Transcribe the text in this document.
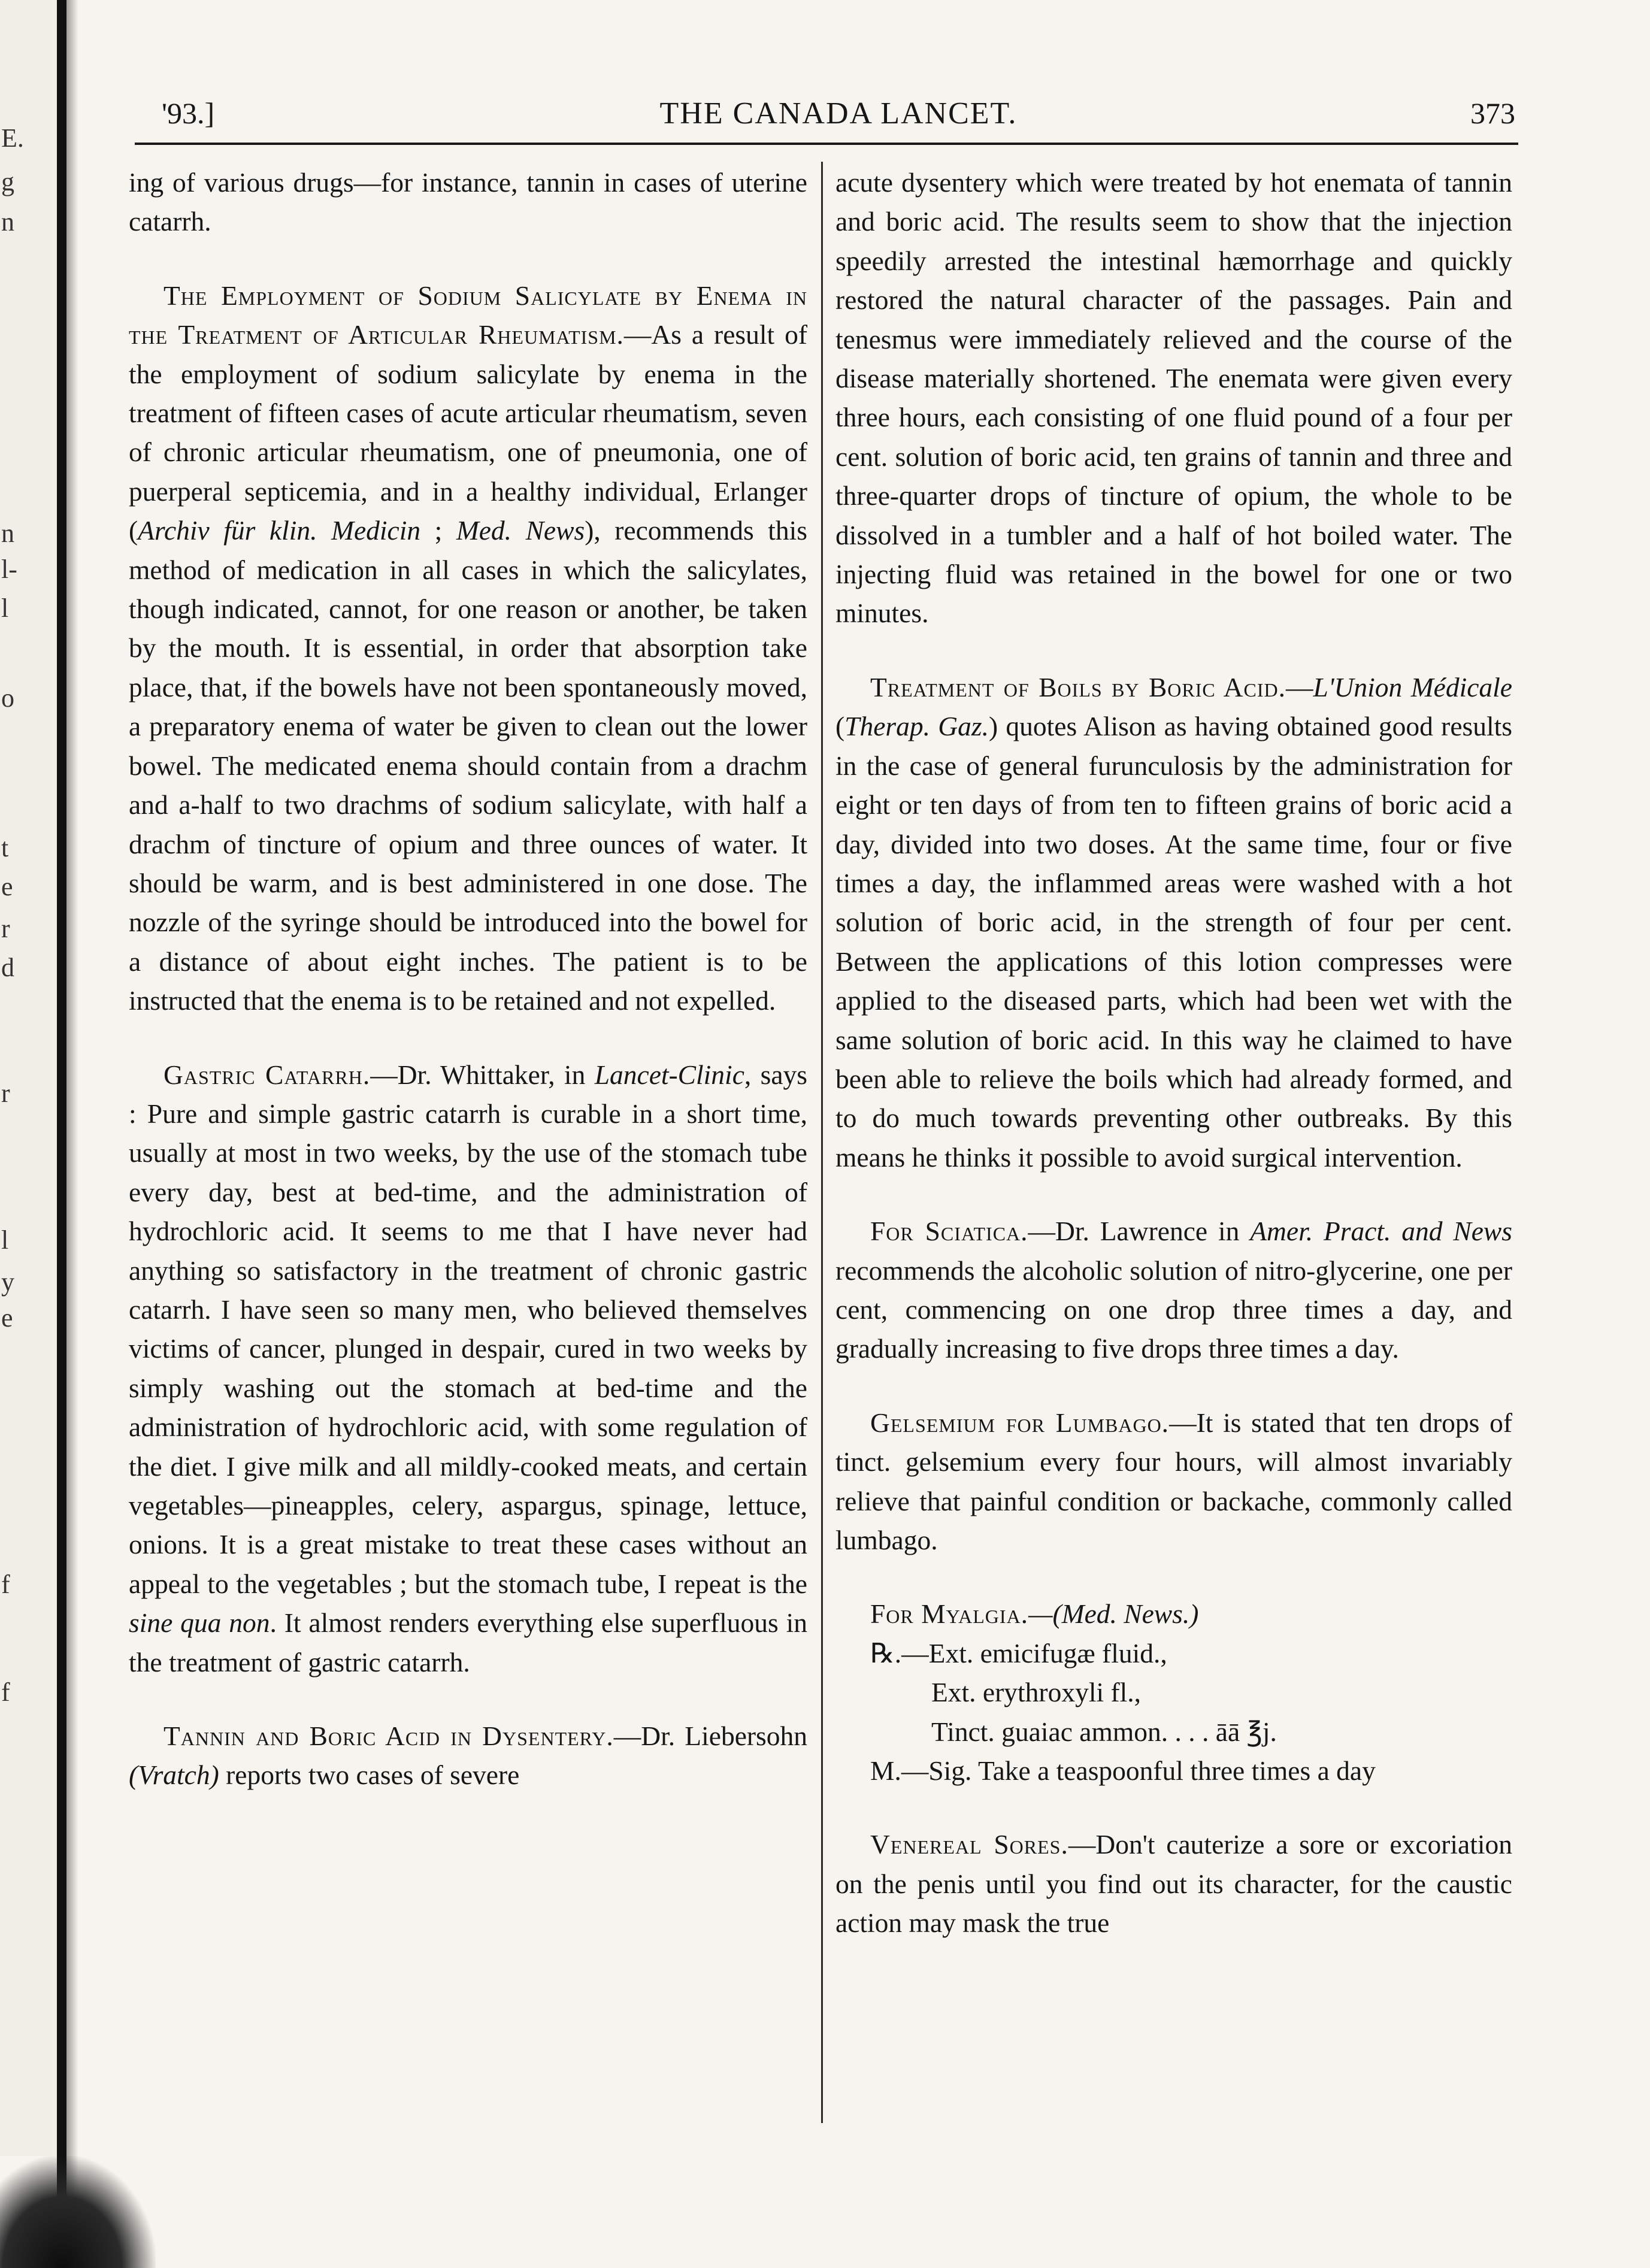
E.
g
n
n
l-
l
o
t
e
r
d
r
l
y
e
f
f
THE CANADA LANCET.
'93.]	373

ing of various drugs—for instance, tannin in cases of uterine catarrh.

The Employment of Sodium Salicylate by Enema in the Treatment of Articular Rheumatism.—As a result of the employment of sodium salicylate by enema in the treatment of fifteen cases of acute articular rheumatism, seven of chronic articular rheumatism, one of pneumonia, one of puerperal septicemia, and in a healthy individual, Erlanger (Archiv für klin. Medicin ; Med. News), recommends this method of medication in all cases in which the salicylates, though indicated, cannot, for one reason or another, be taken by the mouth. It is essential, in order that absorption take place, that, if the bowels have not been spontaneously moved, a preparatory enema of water be given to clean out the lower bowel. The medicated enema should contain from a drachm and a-half to two drachms of sodium salicylate, with half a drachm of tincture of opium and three ounces of water. It should be warm, and is best administered in one dose. The nozzle of the syringe should be introduced into the bowel for a distance of about eight inches. The patient is to be instructed that the enema is to be retained and not expelled.

Gastric Catarrh.—Dr. Whittaker, in Lancet-Clinic, says : Pure and simple gastric catarrh is curable in a short time, usually at most in two weeks, by the use of the stomach tube every day, best at bed-time, and the administration of hydrochloric acid. It seems to me that I have never had anything so satisfactory in the treatment of chronic gastric catarrh. I have seen so many men, who believed themselves victims of cancer, plunged in despair, cured in two weeks by simply washing out the stomach at bed-time and the administration of hydrochloric acid, with some regulation of the diet. I give milk and all mildly-cooked meats, and certain vegetables—pineapples, celery, aspargus, spinage, lettuce, onions. It is a great mistake to treat these cases without an appeal to the vegetables ; but the stomach tube, I repeat is the sine qua non. It almost renders everything else superfluous in the treatment of gastric catarrh.

Tannin and Boric Acid in Dysentery.—Dr. Liebersohn (Vratch) reports two cases of severe

acute dysentery which were treated by hot enemata of tannin and boric acid. The results seem to show that the injection speedily arrested the intestinal hæmorrhage and quickly restored the natural character of the passages. Pain and tenesmus were immediately relieved and the course of the disease materially shortened. The enemata were given every three hours, each consisting of one fluid pound of a four per cent. solution of boric acid, ten grains of tannin and three and three-quarter drops of tincture of opium, the whole to be dissolved in a tumbler and a half of hot boiled water. The injecting fluid was retained in the bowel for one or two minutes.

Treatment of Boils by Boric Acid.—L'Union Médicale (Therap. Gaz.) quotes Alison as having obtained good results in the case of general furunculosis by the administration for eight or ten days of from ten to fifteen grains of boric acid a day, divided into two doses. At the same time, four or five times a day, the inflammed areas were washed with a hot solution of boric acid, in the strength of four per cent. Between the applications of this lotion compresses were applied to the diseased parts, which had been wet with the same solution of boric acid. In this way he claimed to have been able to relieve the boils which had already formed, and to do much towards preventing other outbreaks. By this means he thinks it possible to avoid surgical intervention.

For Sciatica.—Dr. Lawrence in Amer. Pract. and News recommends the alcoholic solution of nitro-glycerine, one per cent, commencing on one drop three times a day, and gradually increasing to five drops three times a day.

Gelsemium for Lumbago.—It is stated that ten drops of tinct. gelsemium every four hours, will almost invariably relieve that painful condition or backache, commonly called lumbago.

For Myalgia.—(Med. News.)
℞.—Ext. emicifugæ fluid.,
Ext. erythroxyli fl.,
Tinct. guaiac ammon. . . . āā ℥j.
M.—Sig. Take a teaspoonful three times a day

Venereal Sores.—Don't cauterize a sore or excoriation on the penis until you find out its character, for the caustic action may mask the true
